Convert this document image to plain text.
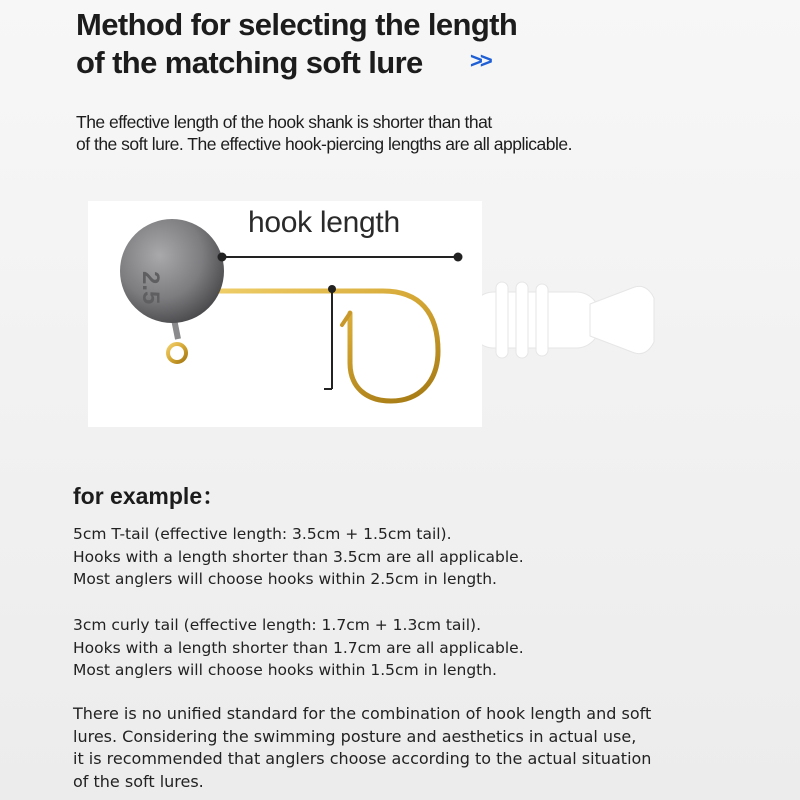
Method for selecting the length
of the matching soft lure	>>
The effective length of the hook shank is shorter than that
of the soft lure. The effective hook-piercing lengths are all applicable.
2.5
hook length
for example：
5cm T-tail (effective length: 3.5cm + 1.5cm tail).
Hooks with a length shorter than 3.5cm are all applicable.
Most anglers will choose hooks within 2.5cm in length.
3cm curly tail (effective length: 1.7cm + 1.3cm tail).
Hooks with a length shorter than 1.7cm are all applicable.
Most anglers will choose hooks within 1.5cm in length.
There is no unified standard for the combination of hook length and soft
lures. Considering the swimming posture and aesthetics in actual use,
it is recommended that anglers choose according to the actual situation
of the soft lures.
